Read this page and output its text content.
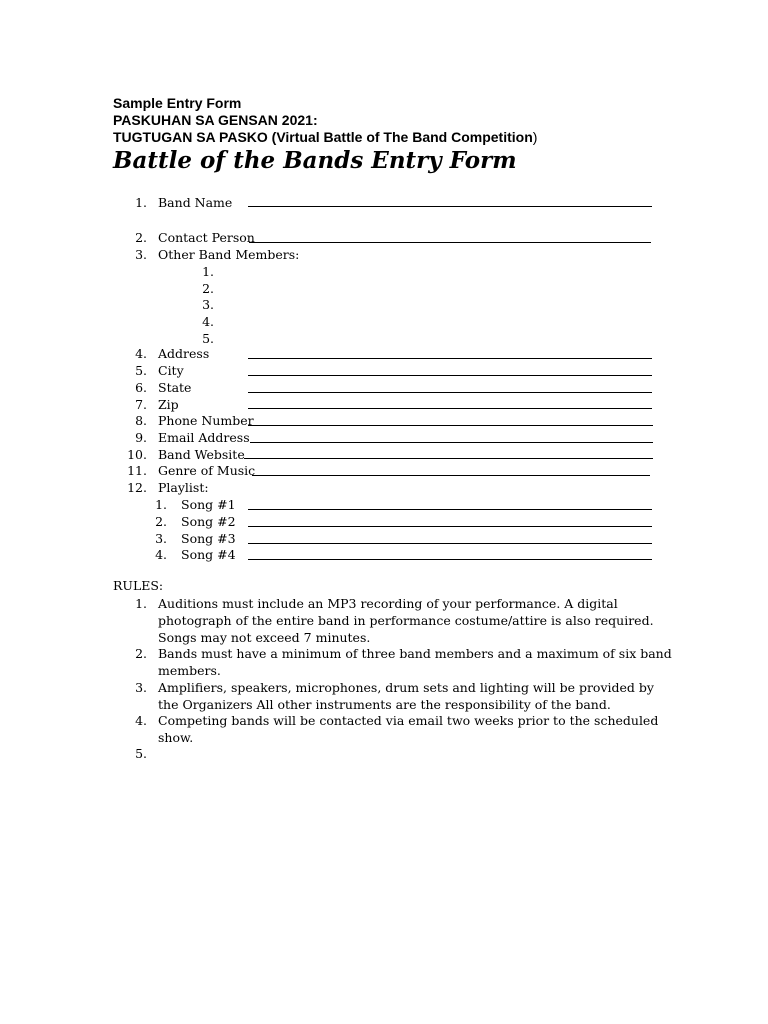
Sample Entry Form
PASKUHAN SA GENSAN 2021:
TUGTUGAN SA PASKO (Virtual Battle of The Band Competition)
Battle of the Bands Entry Form
1. Band Name
2. Contact Person
3. Other Band Members:
1.
2.
3.
4.
5.
4. Address
5. City
6. State
7. Zip
8. Phone Number
9. Email Address
10. Band Website
11. Genre of Music
12. Playlist:
1. Song #1
2. Song #2
3. Song #3
4. Song #4
RULES:
1. Auditions must include an MP3 recording of your performance. A digital photograph of the entire band in performance costume/attire is also required. Songs may not exceed 7 minutes.
2. Bands must have a minimum of three band members and a maximum of six band members.
3. Amplifiers, speakers, microphones, drum sets and lighting will be provided by the Organizers All other instruments are the responsibility of the band.
4. Competing bands will be contacted via email two weeks prior to the scheduled show.
5.
